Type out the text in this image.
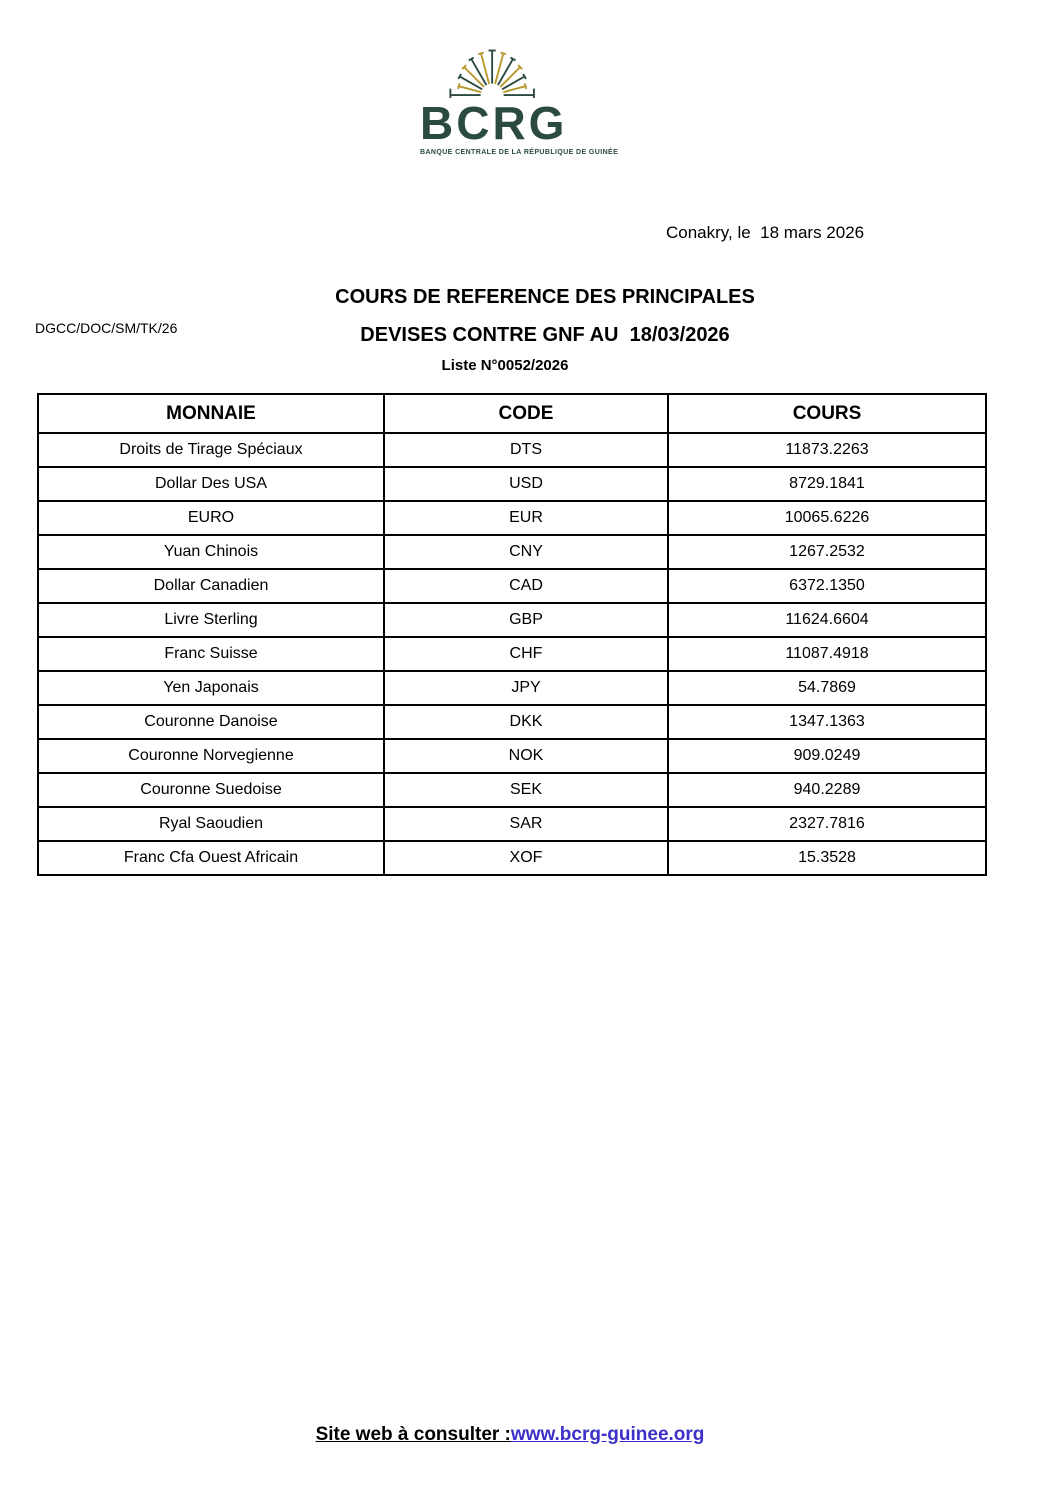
BCRG
BANQUE CENTRALE DE LA RÉPUBLIQUE DE GUINÉE
Conakry, le  18 mars 2026
COURS DE REFERENCE DES PRINCIPALES
DEVISES CONTRE GNF AU  18/03/2026
DGCC/DOC/SM/TK/26
Liste N°0052/2026
MONNAIE	CODE	COURS
Droits de Tirage Spéciaux	DTS	11873.2263
Dollar Des USA	USD	8729.1841
EURO	EUR	10065.6226
Yuan Chinois	CNY	1267.2532
Dollar Canadien	CAD	6372.1350
Livre Sterling	GBP	11624.6604
Franc Suisse	CHF	11087.4918
Yen Japonais	JPY	54.7869
Couronne Danoise	DKK	1347.1363
Couronne Norvegienne	NOK	909.0249
Couronne Suedoise	SEK	940.2289
Ryal Saoudien	SAR	2327.7816
Franc Cfa Ouest Africain	XOF	15.3528
Site web à consulter :www.bcrg-guinee.org
